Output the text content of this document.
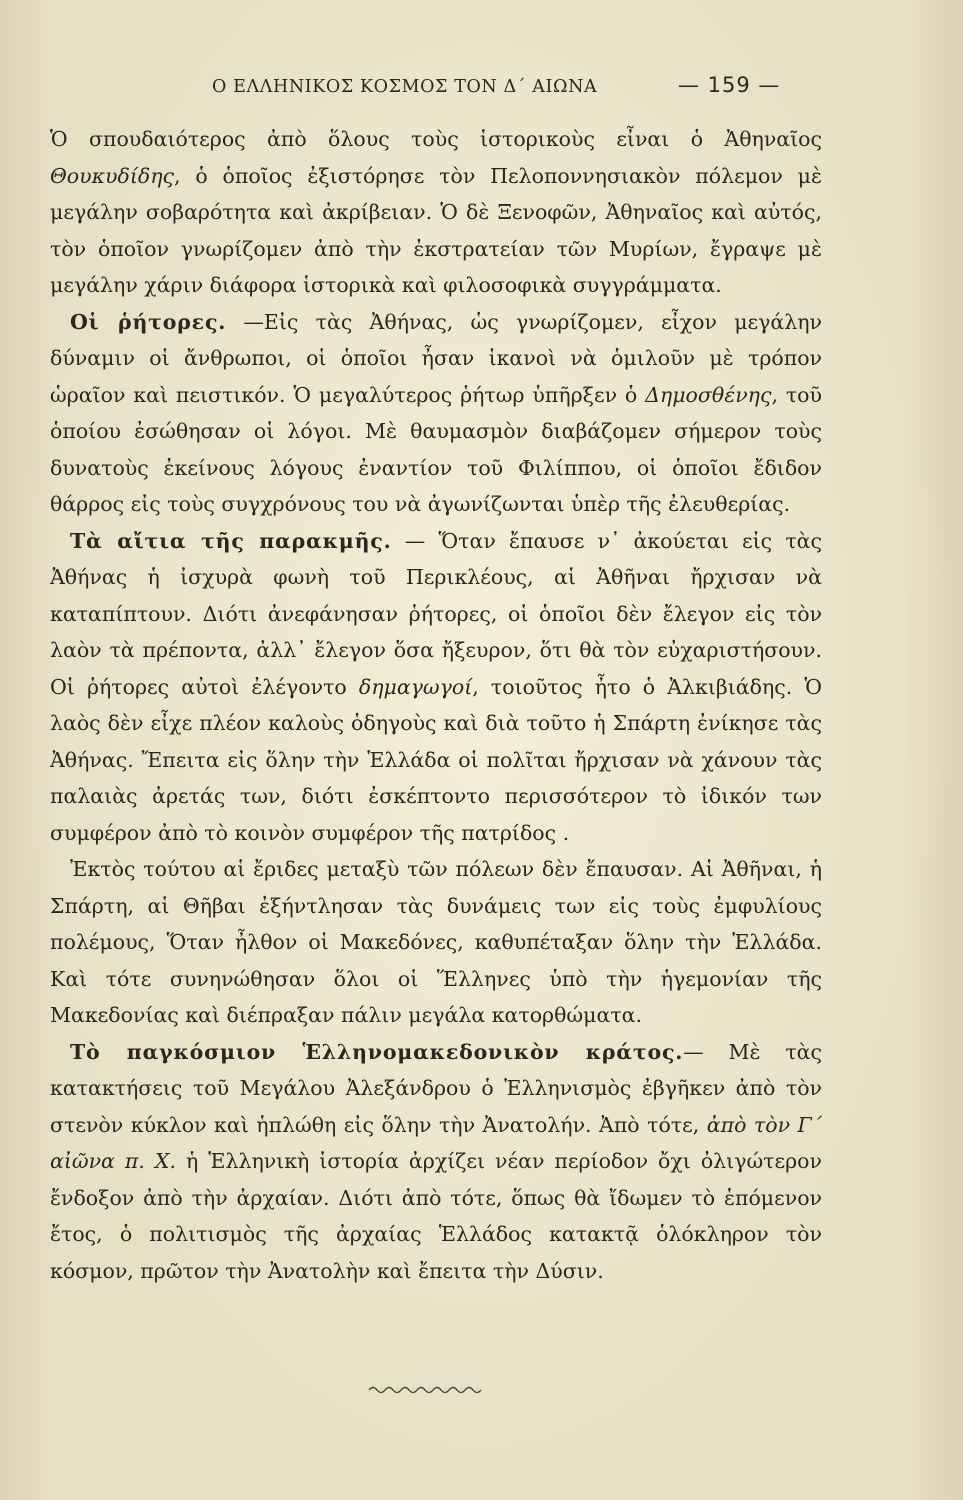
Ο ΕΛΛΗΝΙΚΟΣ ΚΟΣΜΟΣ ΤΟΝ Δ΄ ΑΙΩΝΑ	— 159 —

Ὁ σπουδαιότερος ἀπὸ ὅλους τοὺς ἱστορικοὺς εἶναι ὁ Ἀθηναῖος Θουκυδίδης, ὁ ὁποῖος ἐξιστόρησε τὸν Πελοποννησιακὸν πόλεμον μὲ μεγάλην σοβαρότητα καὶ ἀκρίβειαν. Ὁ δὲ Ξενοφῶν, Ἀθηναῖος καὶ αὐτός, τὸν ὁποῖον γνωρίζομεν ἀπὸ τὴν ἐκστρατείαν τῶν Μυρίων, ἔγραψε μὲ μεγάλην χάριν διάφορα ἱστορικὰ καὶ φιλοσοφικὰ συγγράμματα.

Οἱ ῥήτορες. —Εἰς τὰς Ἀθήνας, ὡς γνωρίζομεν, εἶχον μεγάλην δύναμιν οἱ ἄνθρωποι, οἱ ὁποῖοι ἦσαν ἱκανοὶ νὰ ὁμιλοῦν μὲ τρόπον ὡραῖον καὶ πειστικόν. Ὁ μεγαλύτερος ῥήτωρ ὑπῆρξεν ὁ Δημοσθένης, τοῦ ὁποίου ἐσώθησαν οἱ λόγοι. Μὲ θαυμασμὸν διαβάζομεν σήμερον τοὺς δυνατοὺς ἐκείνους λόγους ἐναντίον τοῦ Φιλίππου, οἱ ὁποῖοι ἔδιδον θάρρος εἰς τοὺς συγχρόνους του νὰ ἀγωνίζωνται ὑπὲρ τῆς ἐλευθερίας.

Τὰ αἴτια τῆς παρακμῆς. — Ὅταν ἔπαυσε ν᾽ ἀκούεται εἰς τὰς Ἀθήνας ἡ ἰσχυρὰ φωνὴ τοῦ Περικλέους, αἱ Ἀθῆναι ἤρχισαν νὰ καταπίπτουν. Διότι ἀνεφάνησαν ῥήτορες, οἱ ὁποῖοι δὲν ἔλεγον εἰς τὸν λαὸν τὰ πρέποντα, ἀλλ᾽ ἔλεγον ὅσα ἤξευρον, ὅτι θὰ τὸν εὐχαριστήσουν. Οἱ ῥήτορες αὐτοὶ ἐλέγοντο δημαγωγοί, τοιοῦτος ἦτο ὁ Ἀλκιβιάδης. Ὁ λαὸς δὲν εἶχε πλέον καλοὺς ὁδηγοὺς καὶ διὰ τοῦτο ἡ Σπάρτη ἐνίκησε τὰς Ἀθήνας. Ἔπειτα εἰς ὅλην τὴν Ἑλλάδα οἱ πολῖται ἤρχισαν νὰ χάνουν τὰς παλαιὰς ἀρετάς των, διότι ἐσκέπτοντο περισσότερον τὸ ἰδικόν των συμφέρον ἀπὸ τὸ κοινὸν συμφέρον τῆς πατρίδος .

Ἐκτὸς τούτου αἱ ἔριδες μεταξὺ τῶν πόλεων δὲν ἔπαυσαν. Αἱ Ἀθῆναι, ἡ Σπάρτη, αἱ Θῆβαι ἐξήντλησαν τὰς δυνάμεις των εἰς τοὺς ἐμφυλίους πολέμους, Ὅταν ἦλθον οἱ Μακεδόνες, καθυπέταξαν ὅλην τὴν Ἑλλάδα. Καὶ τότε συνηνώθησαν ὅλοι οἱ Ἕλληνες ὑπὸ τὴν ἡγεμονίαν τῆς Μακεδονίας καὶ διέπραξαν πάλιν μεγάλα κατορθώματα.

Τὸ παγκόσμιον Ἑλληνομακεδονικὸν κράτος.— Μὲ τὰς κατακτήσεις τοῦ Μεγάλου Ἀλεξάνδρου ὁ Ἑλληνισμὸς ἐβγῆκεν ἀπὸ τὸν στενὸν κύκλον καὶ ἡπλώθη εἰς ὅλην τὴν Ἀνατολήν. Ἀπὸ τότε, ἀπὸ τὸν Γ΄ αἰῶνα π. Χ. ἡ Ἑλληνικὴ ἱστορία ἀρχίζει νέαν περίοδον ὄχι ὀλιγώτερον ἔνδοξον ἀπὸ τὴν ἀρχαίαν. Διότι ἀπὸ τότε, ὅπως θὰ ἴδωμεν τὸ ἑπόμενον ἔτος, ὁ πολιτισμὸς τῆς ἀρχαίας Ἑλλάδος κατακτᾷ ὁλόκληρον τὸν κόσμον, πρῶτον τὴν Ἀνατολὴν καὶ ἔπειτα τὴν Δύσιν.
